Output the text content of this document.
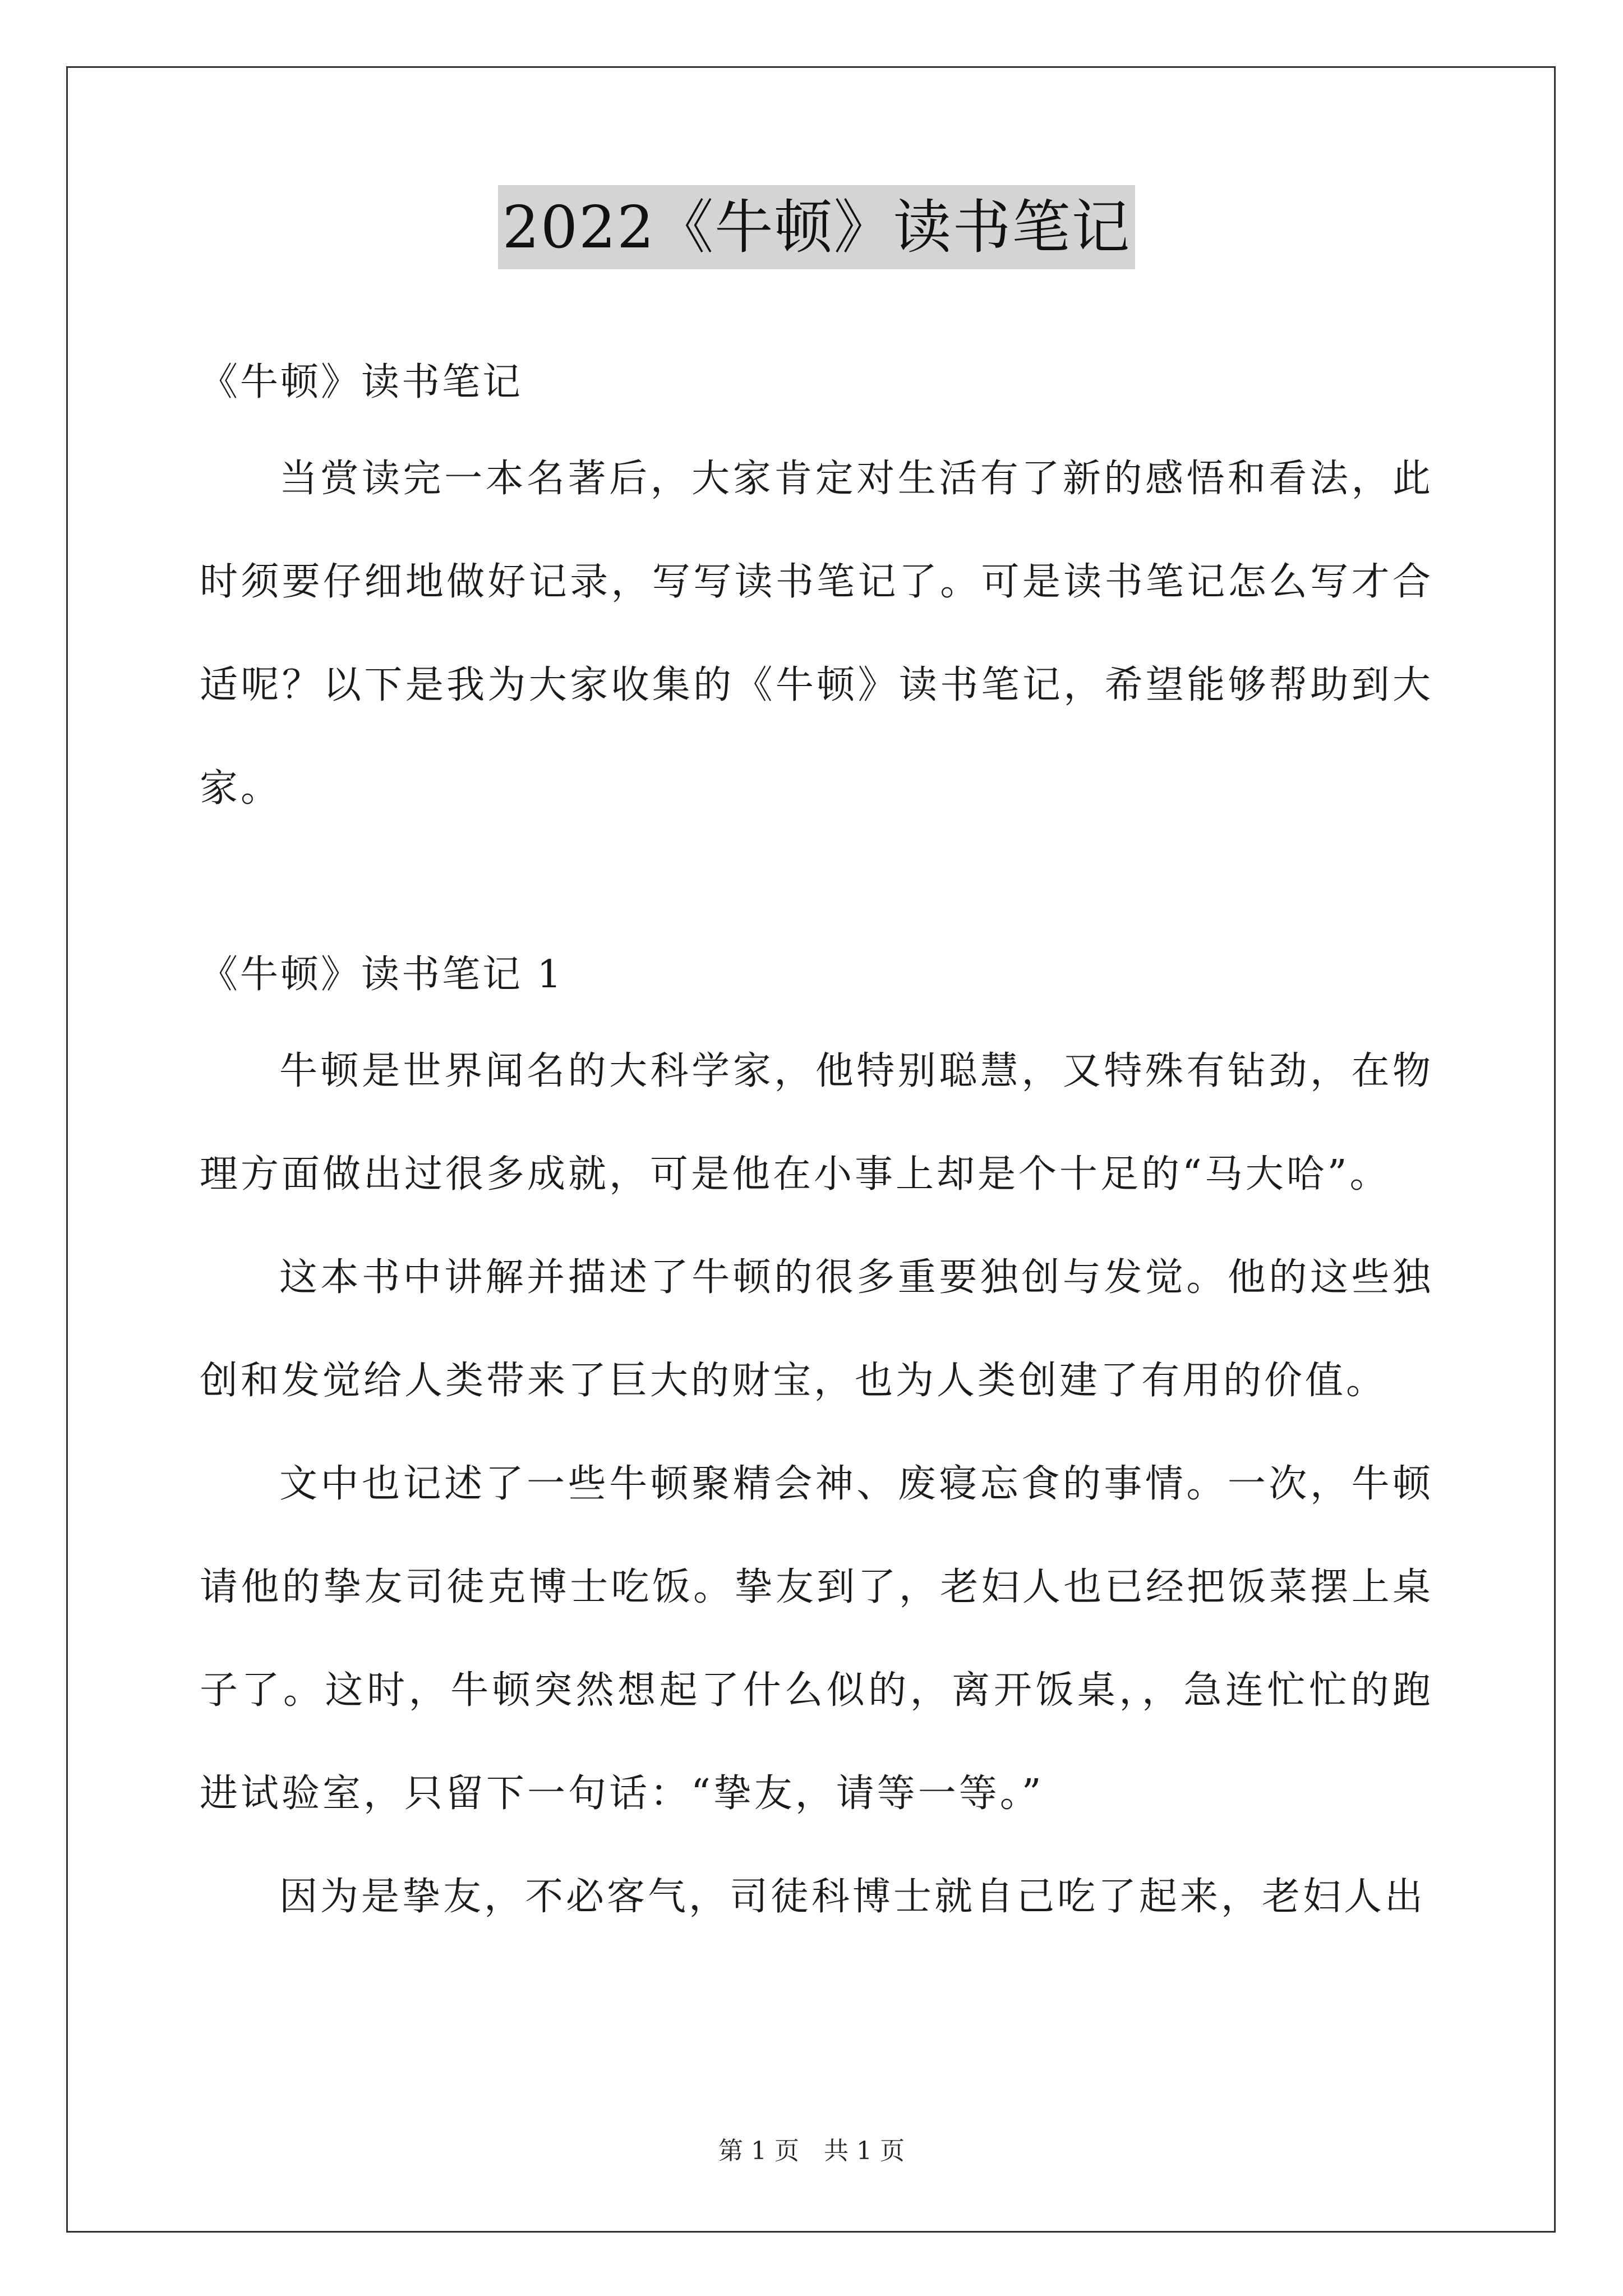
2022《牛顿》读书笔记

《牛顿》读书笔记

当赏读完一本名著后，大家肯定对生活有了新的感悟和看法，此时须要仔细地做好记录，写写读书笔记了。可是读书笔记怎么写才合适呢？以下是我为大家收集的《牛顿》读书笔记，希望能够帮助到大家。

《牛顿》读书笔记 1

牛顿是世界闻名的大科学家，他特别聪慧，又特殊有钻劲，在物理方面做出过很多成就，可是他在小事上却是个十足的“马大哈”。

这本书中讲解并描述了牛顿的很多重要独创与发觉。他的这些独创和发觉给人类带来了巨大的财宝，也为人类创建了有用的价值。

文中也记述了一些牛顿聚精会神、废寝忘食的事情。一次，牛顿请他的挚友司徒克博士吃饭。挚友到了，老妇人也已经把饭菜摆上桌子了。这时，牛顿突然想起了什么似的，离开饭桌，，急连忙忙的跑进试验室，只留下一句话：“挚友，请等一等。”

因为是挚友，不必客气，司徒科博士就自己吃了起来，老妇人出

第 1 页 共 1 页
